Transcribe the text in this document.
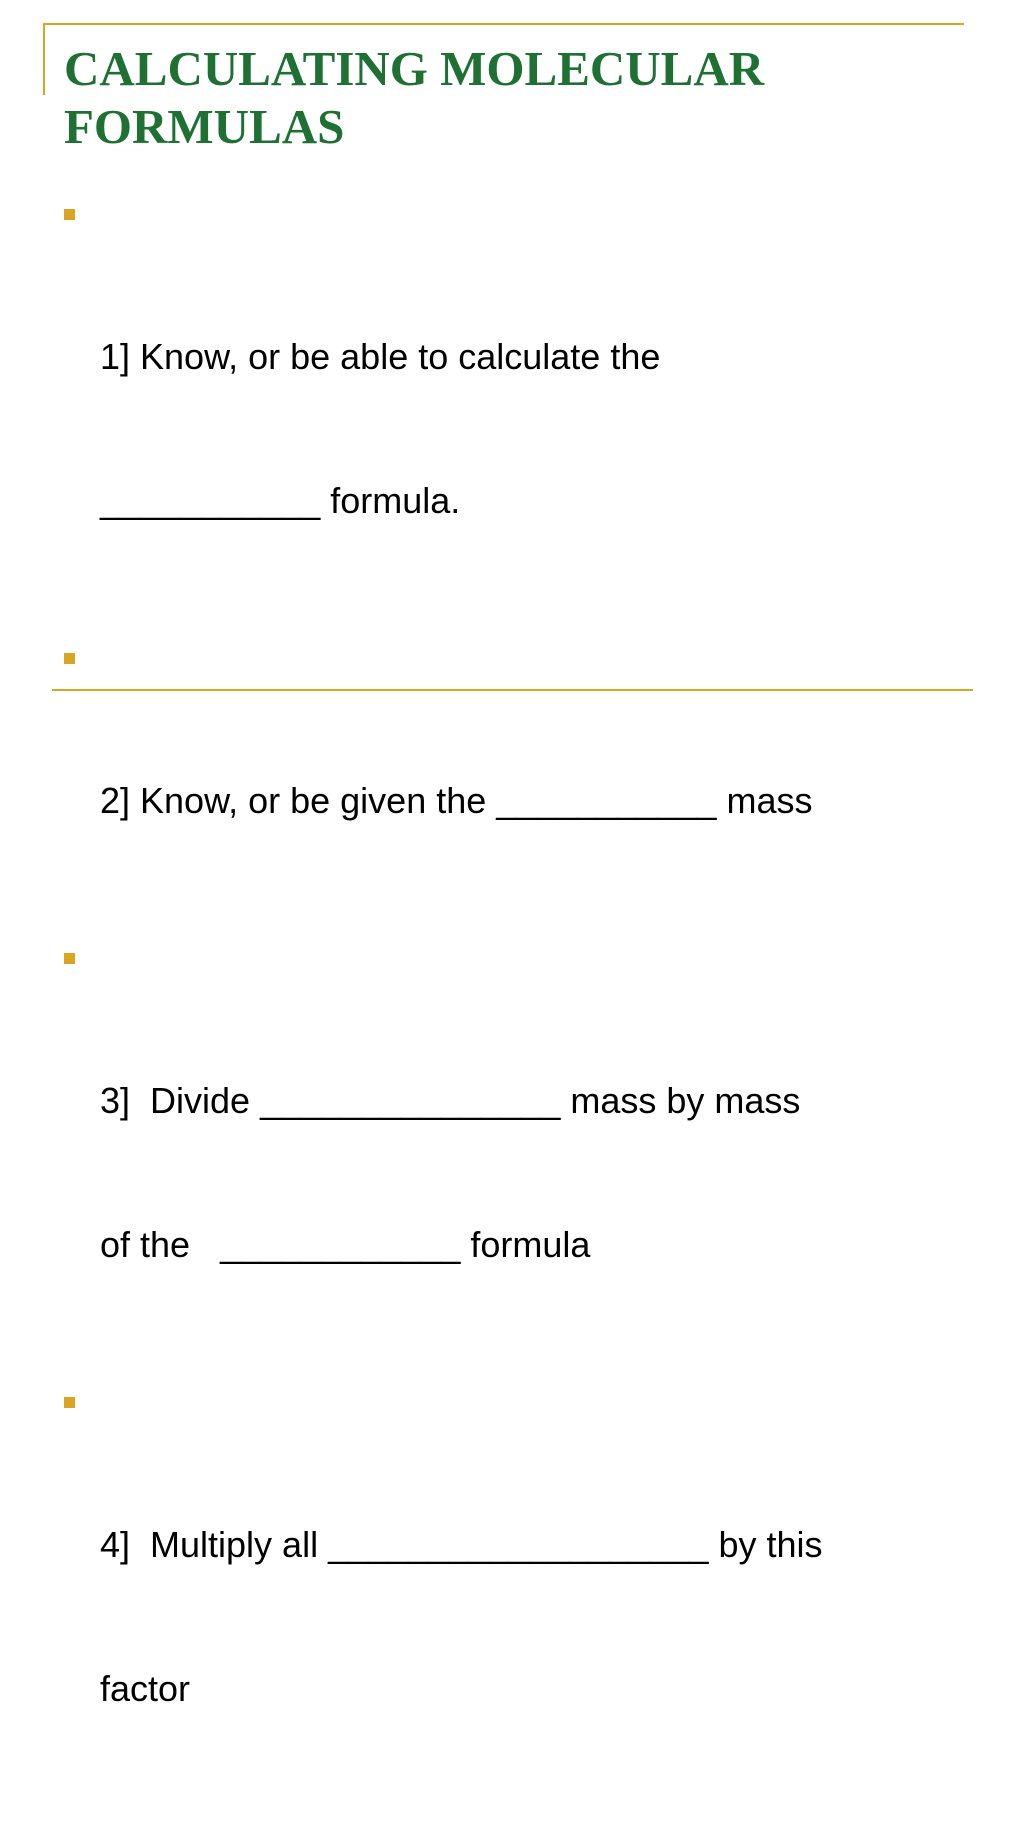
CALCULATING MOLECULAR
FORMULAS

1] Know, or be able to calculate the

___________ formula.

2] Know, or be given the ___________ mass

3]  Divide _______________ mass by mass

of the   ____________ formula

4]  Multiply all ___________________ by this

factor
